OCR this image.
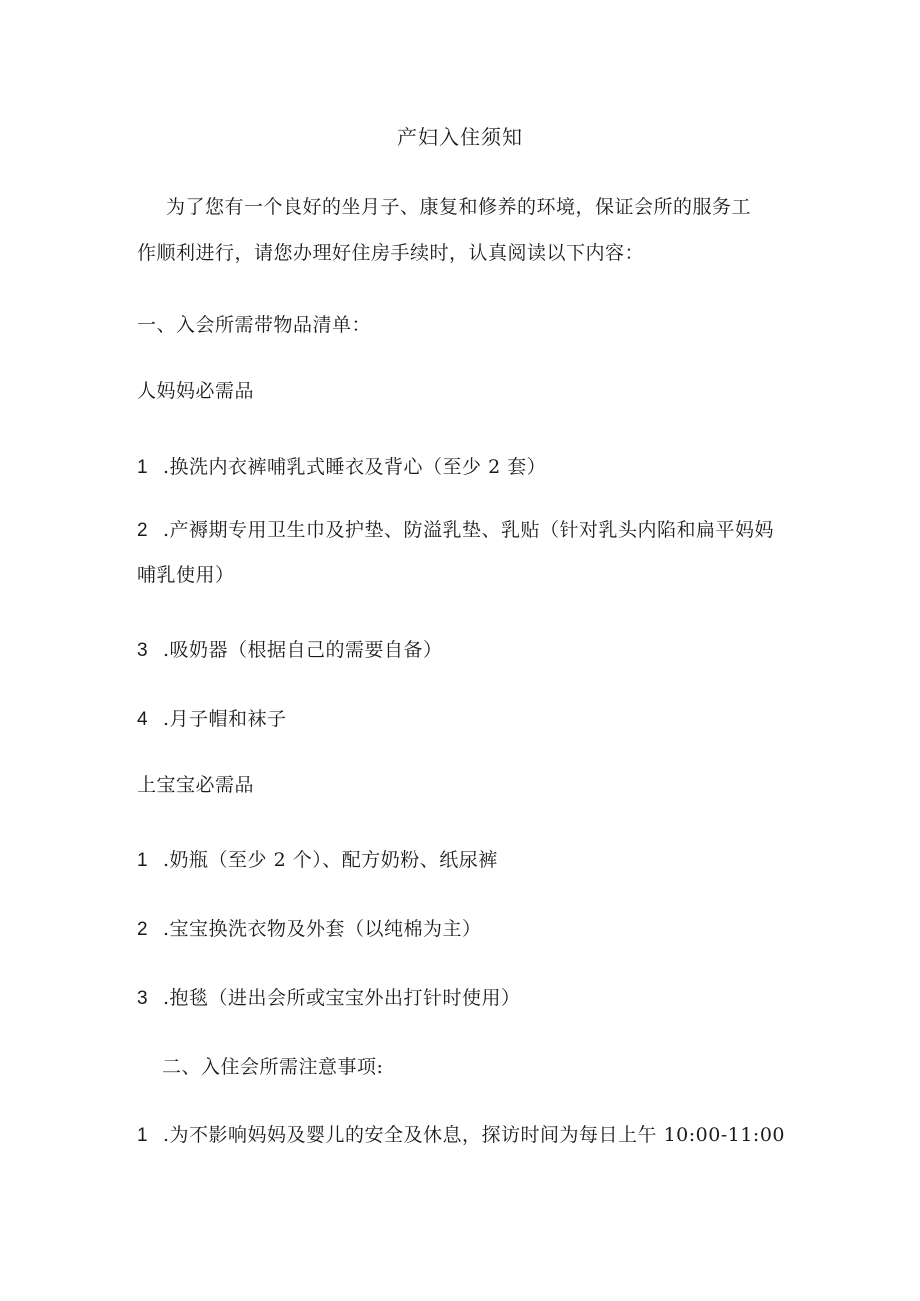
产妇入住须知
为了您有一个良好的坐月子、康复和修养的环境，保证会所的服务工
作顺利进行，请您办理好住房手续时，认真阅读以下内容：
一、入会所需带物品清单：
人妈妈必需品
1 .换洗内衣裤哺乳式睡衣及背心（至少 2 套）
2 .产褥期专用卫生巾及护垫、防溢乳垫、乳贴（针对乳头内陷和扁平妈妈
哺乳使用）
3 .吸奶器（根据自己的需要自备）
4 .月子帽和袜子
上宝宝必需品
1 .奶瓶（至少 2 个）、配方奶粉、纸尿裤
2 .宝宝换洗衣物及外套（以纯棉为主）
3 .抱毯（进出会所或宝宝外出打针时使用）
二、入住会所需注意事项:
1 .为不影响妈妈及婴儿的安全及休息，探访时间为每日上午 10:00-11:00
